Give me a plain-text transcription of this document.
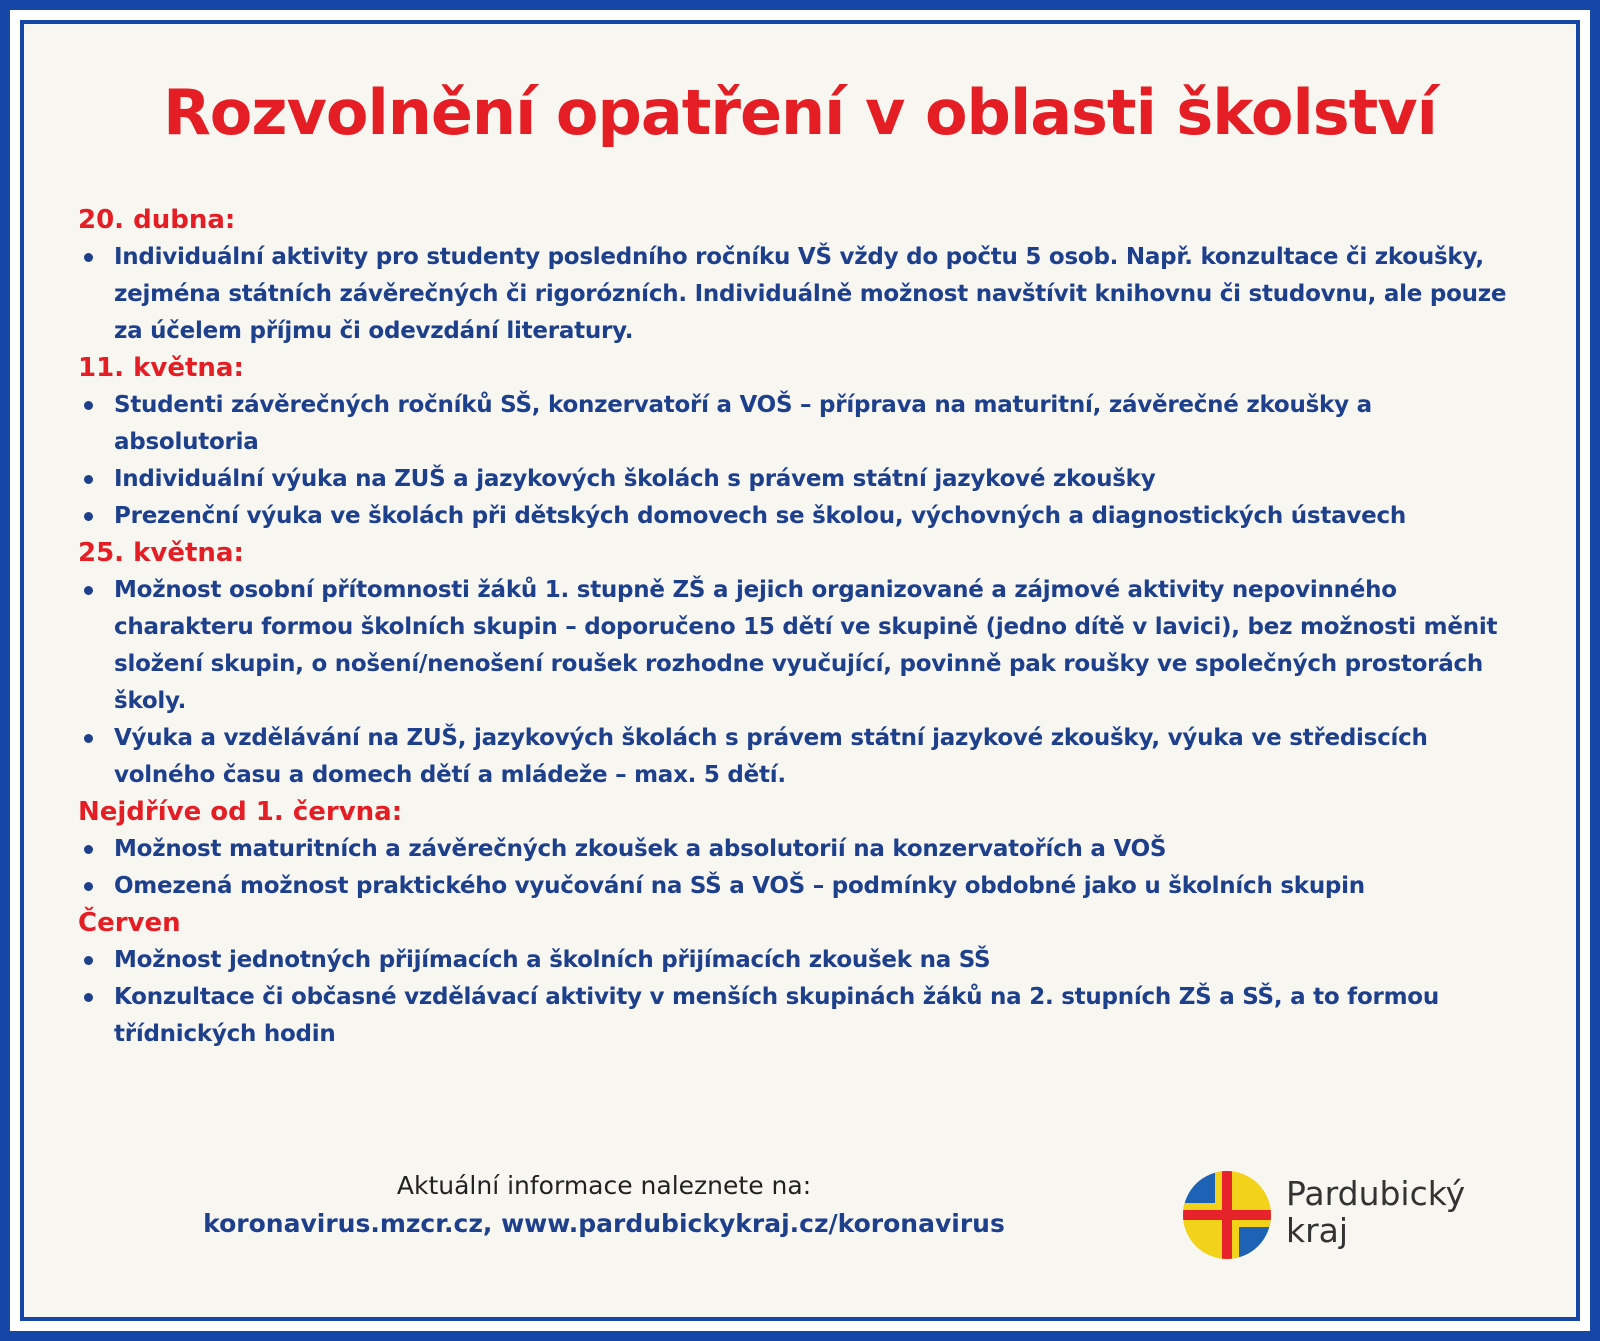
Rozvolnění opatření v oblasti školství
20. dubna:
Individuální aktivity pro studenty posledního ročníku VŠ vždy do počtu 5 osob. Např. konzultace či zkoušky, zejména státních závěrečných či rigorózních. Individuálně možnost navštívit knihovnu či studovnu, ale pouze za účelem příjmu či odevzdání literatury.
11. května:
Studenti závěrečných ročníků SŠ, konzervatoří a VOŠ – příprava na maturitní, závěrečné zkoušky a absolutoria
Individuální výuka na ZUŠ a jazykových školách s právem státní jazykové zkoušky
Prezenční výuka ve školách při dětských domovech se školou, výchovných a diagnostických ústavech
25. května:
Možnost osobní přítomnosti žáků 1. stupně ZŠ a jejich organizované a zájmové aktivity nepovinného charakteru formou školních skupin – doporučeno 15 dětí ve skupině (jedno dítě v lavici), bez možnosti měnit složení skupin, o nošení/nenošení roušek rozhodne vyučující, povinně pak roušky ve společných prostorách školy.
Výuka a vzdělávání na ZUŠ, jazykových školách s právem státní jazykové zkoušky, výuka ve střediscích volného času a domech dětí a mládeže – max. 5 dětí.
Nejdříve od 1. června:
Možnost maturitních a závěrečných zkoušek a absolutorií na konzervatořích a VOŠ
Omezená možnost praktického vyučování na SŠ a VOŠ – podmínky obdobné jako u školních skupin
Červen
Možnost jednotných přijímacích a školních přijímacích zkoušek na SŠ
Konzultace či občasné vzdělávací aktivity v menších skupinách žáků na 2. stupních ZŠ a SŠ, a to formou třídnických hodin
Aktuální informace naleznete na:
koronavirus.mzcr.cz, www.pardubickykraj.cz/koronavirus
Pardubický
kraj
